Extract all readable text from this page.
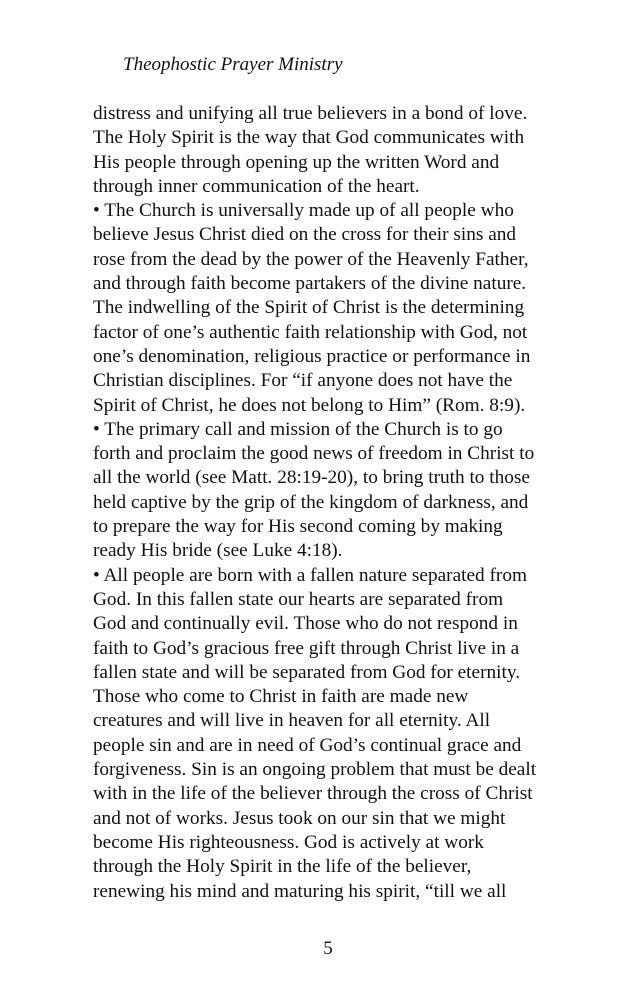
Theophostic Prayer Ministry
distress and unifying all true believers in a bond of love.
The Holy Spirit is the way that God communicates with
His people through opening up the written Word and
through inner communication of the heart.
• The Church is universally made up of all people who
believe Jesus Christ died on the cross for their sins and
rose from the dead by the power of the Heavenly Father,
and through faith become partakers of the divine nature.
The indwelling of the Spirit of Christ is the determining
factor of one’s authentic faith relationship with God, not
one’s denomination, religious practice or performance in
Christian disciplines. For “if anyone does not have the
Spirit of Christ, he does not belong to Him” (Rom. 8:9).
• The primary call and mission of the Church is to go
forth and proclaim the good news of freedom in Christ to
all the world (see Matt. 28:19-20), to bring truth to those
held captive by the grip of the kingdom of darkness, and
to prepare the way for His second coming by making
ready His bride (see Luke 4:18).
• All people are born with a fallen nature separated from
God. In this fallen state our hearts are separated from
God and continually evil. Those who do not respond in
faith to God’s gracious free gift through Christ live in a
fallen state and will be separated from God for eternity.
Those who come to Christ in faith are made new
creatures and will live in heaven for all eternity. All
people sin and are in need of God’s continual grace and
forgiveness. Sin is an ongoing problem that must be dealt
with in the life of the believer through the cross of Christ
and not of works. Jesus took on our sin that we might
become His righteousness. God is actively at work
through the Holy Spirit in the life of the believer,
renewing his mind and maturing his spirit, “till we all
5
